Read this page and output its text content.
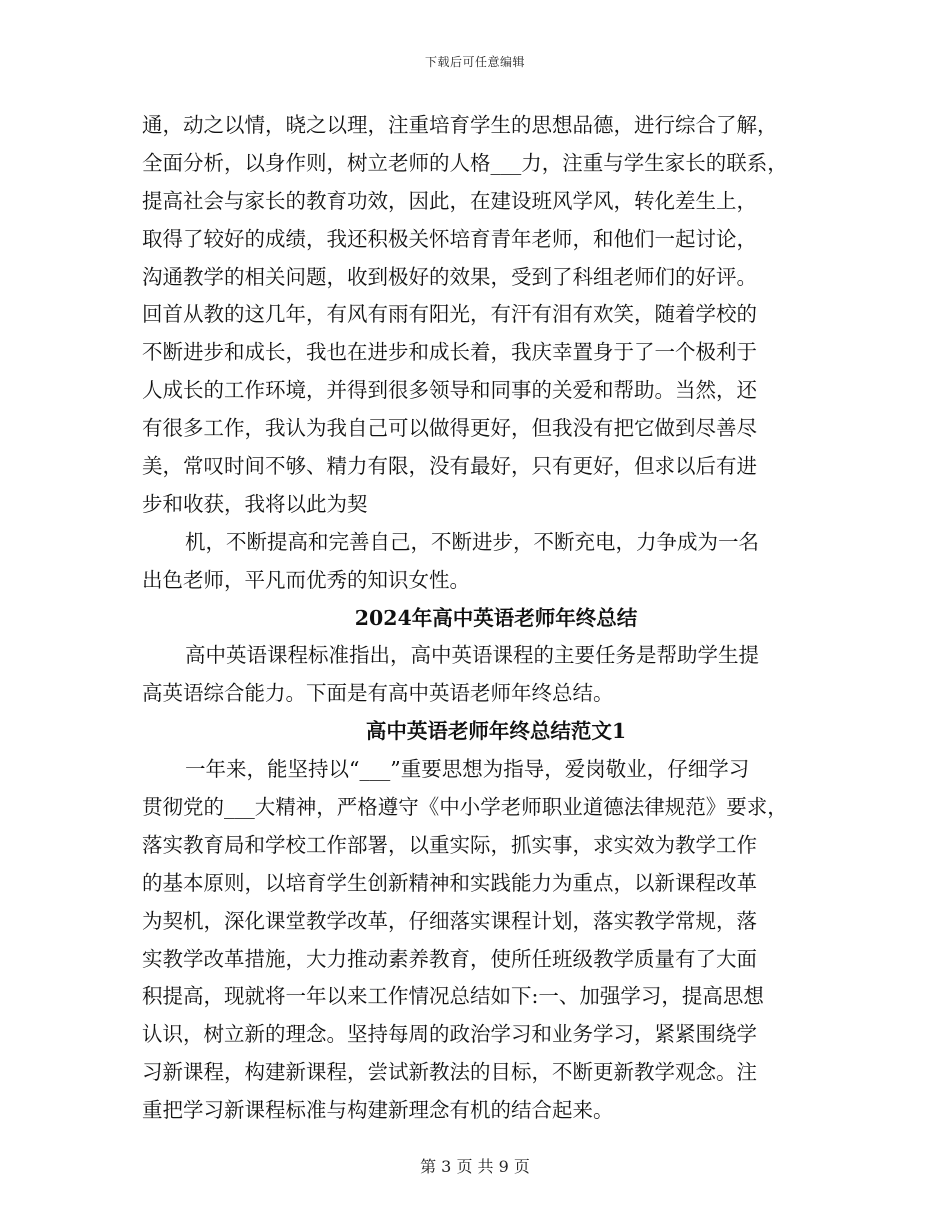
下载后可任意编辑
通，动之以情，晓之以理，注重培育学生的思想品德，进行综合了解，
全面分析，以身作则，树立老师的人格___力，注重与学生家长的联系，
提高社会与家长的教育功效，因此，在建设班风学风，转化差生上，
取得了较好的成绩，我还积极关怀培育青年老师，和他们一起讨论，
沟通教学的相关问题，收到极好的效果，受到了科组老师们的好评。
回首从教的这几年，有风有雨有阳光，有汗有泪有欢笑，随着学校的
不断进步和成长，我也在进步和成长着，我庆幸置身于了一个极利于
人成长的工作环境，并得到很多领导和同事的关爱和帮助。当然，还
有很多工作，我认为我自己可以做得更好，但我没有把它做到尽善尽
美，常叹时间不够、精力有限，没有最好，只有更好，但求以后有进
步和收获，我将以此为契
机，不断提高和完善自己，不断进步，不断充电，力争成为一名
出色老师，平凡而优秀的知识女性。
2024年高中英语老师年终总结
高中英语课程标准指出，高中英语课程的主要任务是帮助学生提
高英语综合能力。下面是有高中英语老师年终总结。
高中英语老师年终总结范文1
一年来，能坚持以“___”重要思想为指导，爱岗敬业，仔细学习
贯彻党的___大精神，严格遵守《中小学老师职业道德法律规范》要求，
落实教育局和学校工作部署，以重实际，抓实事，求实效为教学工作
的基本原则，以培育学生创新精神和实践能力为重点，以新课程改革
为契机，深化课堂教学改革，仔细落实课程计划，落实教学常规，落
实教学改革措施，大力推动素养教育，使所任班级教学质量有了大面
积提高，现就将一年以来工作情况总结如下:一、加强学习，提高思想
认识，树立新的理念。坚持每周的政治学习和业务学习，紧紧围绕学
习新课程，构建新课程，尝试新教法的目标，不断更新教学观念。注
重把学习新课程标准与构建新理念有机的结合起来。
第 3 页 共 9 页
